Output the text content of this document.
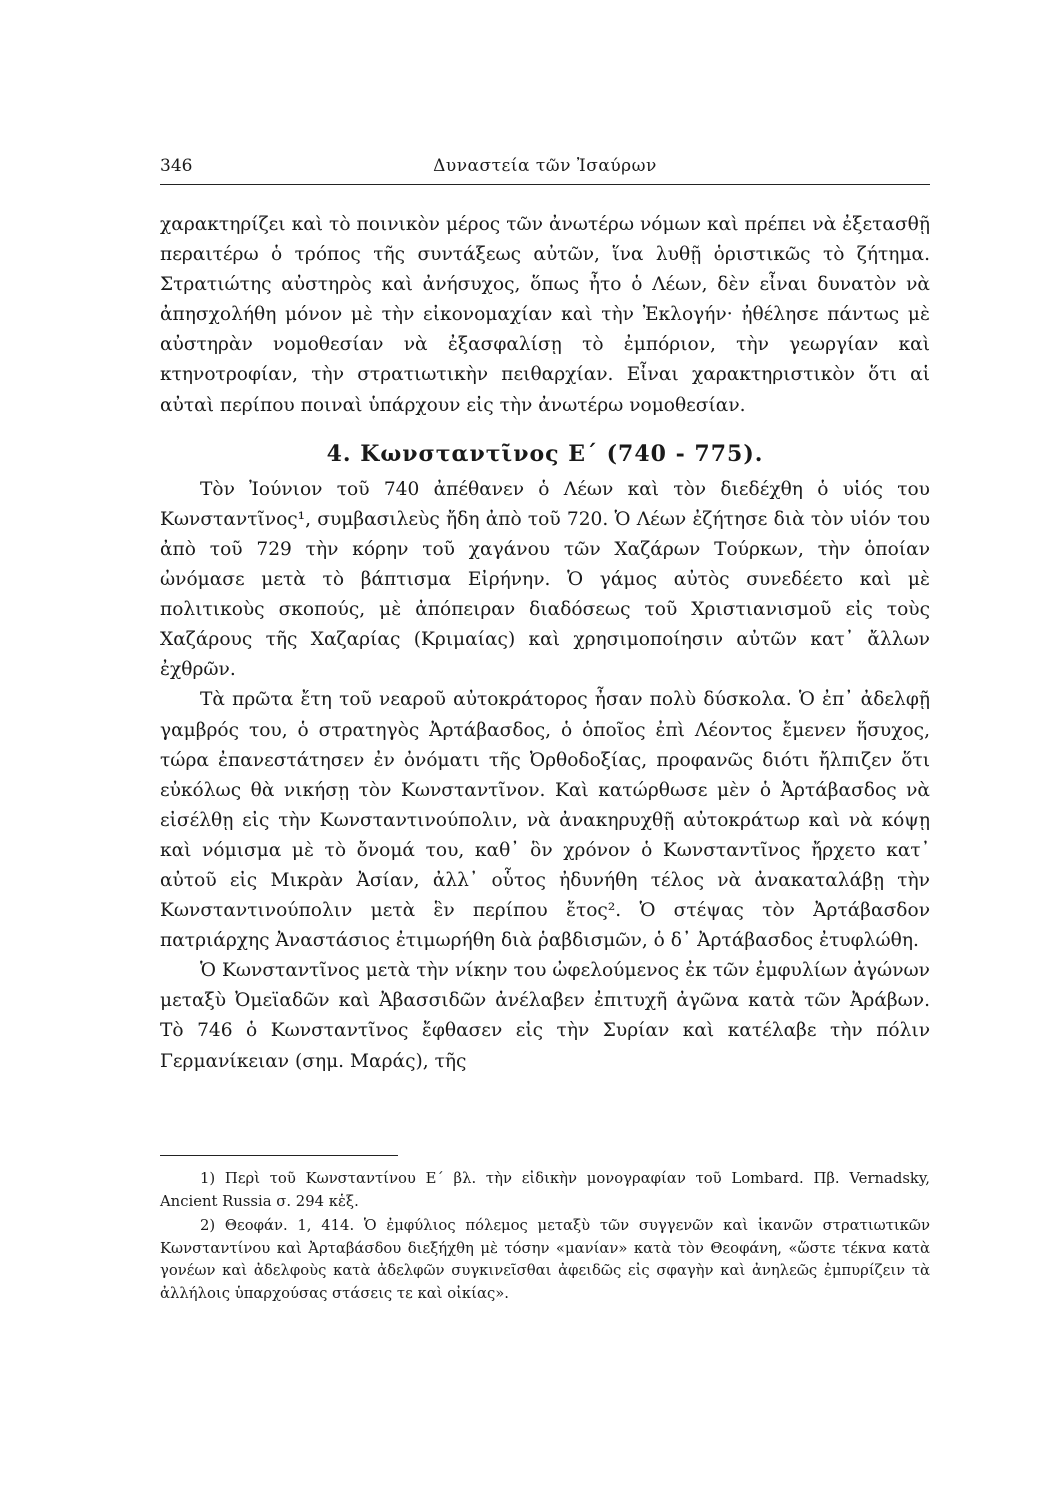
346	Δυναστεία τῶν Ἰσαύρων

χαρακτηρίζει καὶ τὸ ποινικὸν μέρος τῶν ἀνωτέρω νόμων καὶ πρέπει νὰ ἐξετασθῇ περαιτέρω ὁ τρόπος τῆς συντάξεως αὐτῶν, ἵνα λυθῇ ὁριστικῶς τὸ ζήτημα. Στρατιώτης αὐστηρὸς καὶ ἀνήσυχος, ὅπως ἦτο ὁ Λέων, δὲν εἶναι δυνατὸν νὰ ἀπησχολήθη μόνον μὲ τὴν εἰκονομαχίαν καὶ τὴν Ἐκλογήν· ἠθέλησε πάντως μὲ αὐστηρὰν νομοθεσίαν νὰ ἐξασφαλίσῃ τὸ ἐμπόριον, τὴν γεωργίαν καὶ κτηνοτροφίαν, τὴν στρατιωτικὴν πειθαρχίαν. Εἶναι χαρακτηριστικὸν ὅτι αἱ αὐταὶ περίπου ποιναὶ ὑπάρχουν εἰς τὴν ἀνωτέρω νομοθεσίαν.

4. Κωνσταντῖνος Ε΄ (740 - 775).

Τὸν Ἰούνιον τοῦ 740 ἀπέθανεν ὁ Λέων καὶ τὸν διεδέχθη ὁ υἱός του Κωνσταντῖνος¹, συμβασιλεὺς ἤδη ἀπὸ τοῦ 720. Ὁ Λέων ἐζήτησε διὰ τὸν υἱόν του ἀπὸ τοῦ 729 τὴν κόρην τοῦ χαγάνου τῶν Χαζάρων Τούρκων, τὴν ὁποίαν ὠνόμασε μετὰ τὸ βάπτισμα Εἰρήνην. Ὁ γάμος αὐτὸς συνεδέετο καὶ μὲ πολιτικοὺς σκοπούς, μὲ ἀπόπειραν διαδόσεως τοῦ Χριστιανισμοῦ εἰς τοὺς Χαζάρους τῆς Χαζαρίας (Κριμαίας) καὶ χρησιμοποίησιν αὐτῶν κατ᾿ ἄλλων ἐχθρῶν.

Τὰ πρῶτα ἔτη τοῦ νεαροῦ αὐτοκράτορος ἦσαν πολὺ δύσκολα. Ὁ ἐπ᾿ ἀδελφῇ γαμβρός του, ὁ στρατηγὸς Ἀρτάβασδος, ὁ ὁποῖος ἐπὶ Λέοντος ἔμενεν ἥσυχος, τώρα ἐπανεστάτησεν ἐν ὀνόματι τῆς Ὀρθοδοξίας, προφανῶς διότι ἤλπιζεν ὅτι εὐκόλως θὰ νικήσῃ τὸν Κωνσταντῖνον. Καὶ κατώρθωσε μὲν ὁ Ἀρτάβασδος νὰ εἰσέλθῃ εἰς τὴν Κωνσταντινούπολιν, νὰ ἀνακηρυχθῇ αὐτοκράτωρ καὶ νὰ κόψῃ καὶ νόμισμα μὲ τὸ ὄνομά του, καθ᾿ ὃν χρόνον ὁ Κωνσταντῖνος ἤρχετο κατ᾿ αὐτοῦ εἰς Μικρὰν Ἀσίαν, ἀλλ᾿ οὗτος ἠδυνήθη τέλος νὰ ἀνακαταλάβῃ τὴν Κωνσταντινούπολιν μετὰ ἓν περίπου ἔτος². Ὁ στέψας τὸν Ἀρτάβασδον πατριάρχης Ἀναστάσιος ἐτιμωρήθη διὰ ῥαβδισμῶν, ὁ δ᾿ Ἀρτάβασδος ἐτυφλώθη.

Ὁ Κωνσταντῖνος μετὰ τὴν νίκην του ὠφελούμενος ἐκ τῶν ἐμφυλίων ἀγώνων μεταξὺ Ὀμεϊαδῶν καὶ Ἀβασσιδῶν ἀνέλαβεν ἐπιτυχῆ ἀγῶνα κατὰ τῶν Ἀράβων. Τὸ 746 ὁ Κωνσταντῖνος ἔφθασεν εἰς τὴν Συρίαν καὶ κατέλαβε τὴν πόλιν Γερμανίκειαν (σημ. Μαράς), τῆς

1) Περὶ τοῦ Κωνσταντίνου Ε΄ βλ. τὴν εἰδικὴν μονογραφίαν τοῦ Lombard. Πβ. Vernadsky, Ancient Russia σ. 294 κἑξ.

2) Θεοφάν. 1, 414. Ὁ ἐμφύλιος πόλεμος μεταξὺ τῶν συγγενῶν καὶ ἱκανῶν στρατιωτικῶν Κωνσταντίνου καὶ Ἀρταβάσδου διεξήχθη μὲ τόσην «μανίαν» κατὰ τὸν Θεοφάνη, «ὥστε τέκνα κατὰ γονέων καὶ ἀδελφοὺς κατὰ ἀδελφῶν συγκινεῖσθαι ἀφειδῶς εἰς σφαγὴν καὶ ἀνηλεῶς ἐμπυρίζειν τὰ ἀλλήλοις ὑπαρχούσας στάσεις τε καὶ οἰκίας».
